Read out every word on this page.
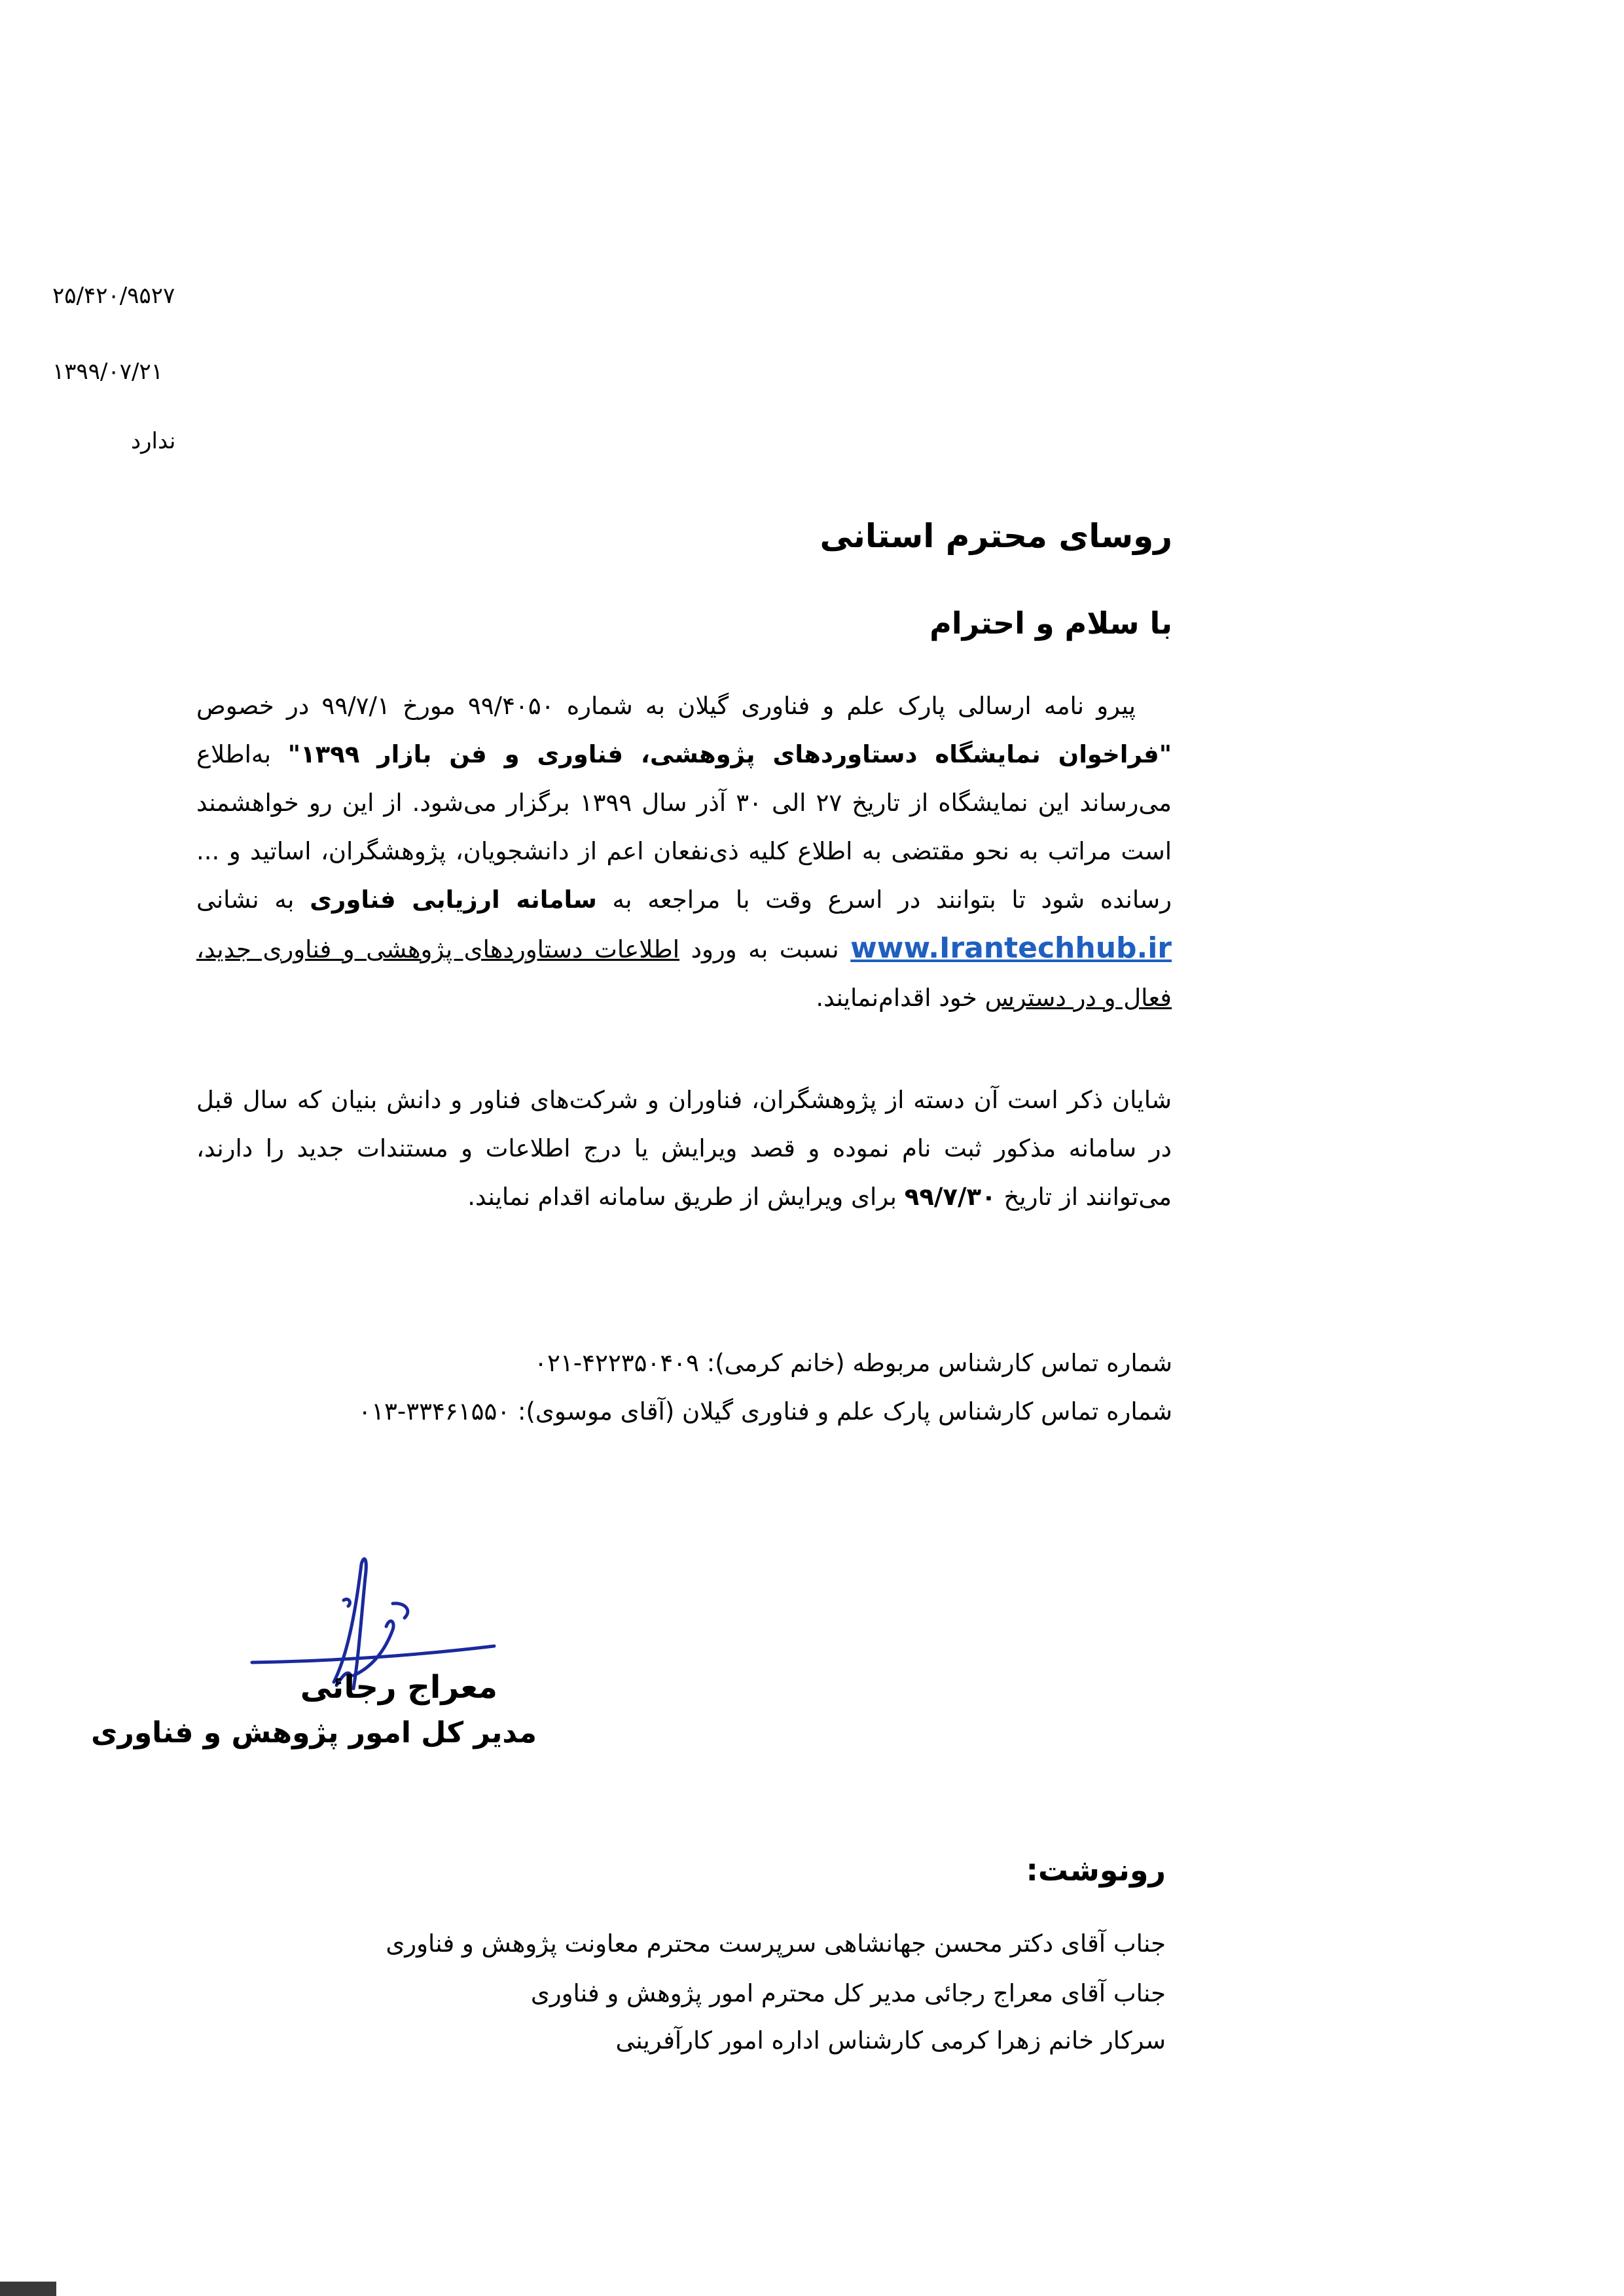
۲۵/۴۲۰/۹۵۲۷
۱۳۹۹/۰۷/۲۱
ندارد
روسای محترم استانی
با سلام و احترام
پیرو نامه ارسالی پارک علم و فناوری گیلان به شماره ۹۹/۴۰۵۰ مورخ ۹۹/۷/۱ در خصوص "فراخوان نمایشگاه دستاوردهای پژوهشی، فناوری و فن بازار ۱۳۹۹" به‌اطلاع می‌رساند این نمایشگاه از تاریخ ۲۷ الی ۳۰ آذر سال ۱۳۹۹ برگزار می‌شود. از این رو خواهشمند است مراتب به نحو مقتضی به اطلاع کلیه ذی‌نفعان اعم از دانشجویان، پژوهشگران، اساتید و ... رسانده شود تا بتوانند در اسرع وقت با مراجعه به سامانه ارزیابی فناوری به نشانی www.Irantechhub.ir نسبت به ورود اطلاعات دستاوردهای پژوهشی و فناوری جدید، فعال و در دسترس خود اقدام‌نمایند.
شایان ذکر است آن دسته از پژوهشگران، فناوران و شرکت‌های فناور و دانش بنیان که سال قبل در سامانه مذکور ثبت نام نموده و قصد ویرایش یا درج اطلاعات و مستندات جدید را دارند، می‌توانند از تاریخ ۹۹/۷/۳۰ برای ویرایش از طریق سامانه اقدام نمایند.
شماره تماس کارشناس مربوطه (خانم کرمی): ۴۲۲۳۵۰۴۰۹-۰۲۱
شماره تماس کارشناس پارک علم و فناوری گیلان (آقای موسوی): ۳۳۴۶۱۵۵۰-۰۱۳
معراج رجائی
مدیر کل امور پژوهش و فناوری
رونوشت:
جناب آقای دکتر محسن جهانشاهی سرپرست محترم معاونت پژوهش و فناوری
جناب آقای معراج رجائی مدیر کل محترم امور پژوهش و فناوری
سرکار خانم زهرا کرمی کارشناس اداره امور کارآفرینی
